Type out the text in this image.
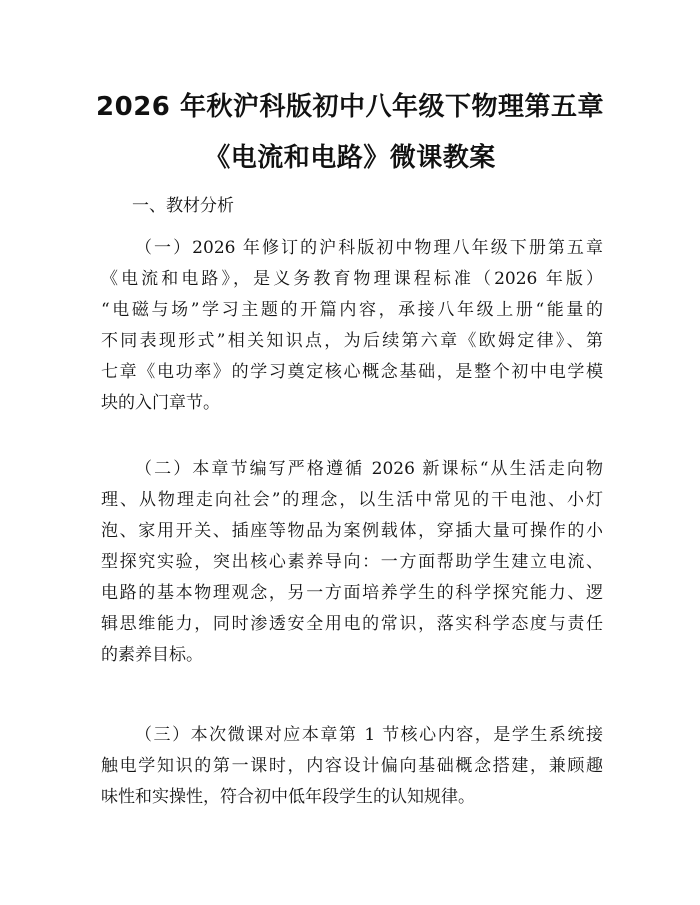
2026 年秋沪科版初中八年级下物理第五章
《电流和电路》微课教案
一、教材分析
（一）2026 年修订的沪科版初中物理八年级下册第五章
《电流和电路》，是义务教育物理课程标准（2026 年版）
“电磁与场”学习主题的开篇内容，承接八年级上册“能量的
不同表现形式”相关知识点，为后续第六章《欧姆定律》、第
七章《电功率》的学习奠定核心概念基础，是整个初中电学模
块的入门章节。
（二）本章节编写严格遵循 2026 新课标“从生活走向物
理、从物理走向社会”的理念，以生活中常见的干电池、小灯
泡、家用开关、插座等物品为案例载体，穿插大量可操作的小
型探究实验，突出核心素养导向：一方面帮助学生建立电流、
电路的基本物理观念，另一方面培养学生的科学探究能力、逻
辑思维能力，同时渗透安全用电的常识，落实科学态度与责任
的素养目标。
（三）本次微课对应本章第 1 节核心内容，是学生系统接
触电学知识的第一课时，内容设计偏向基础概念搭建，兼顾趣
味性和实操性，符合初中低年段学生的认知规律。
